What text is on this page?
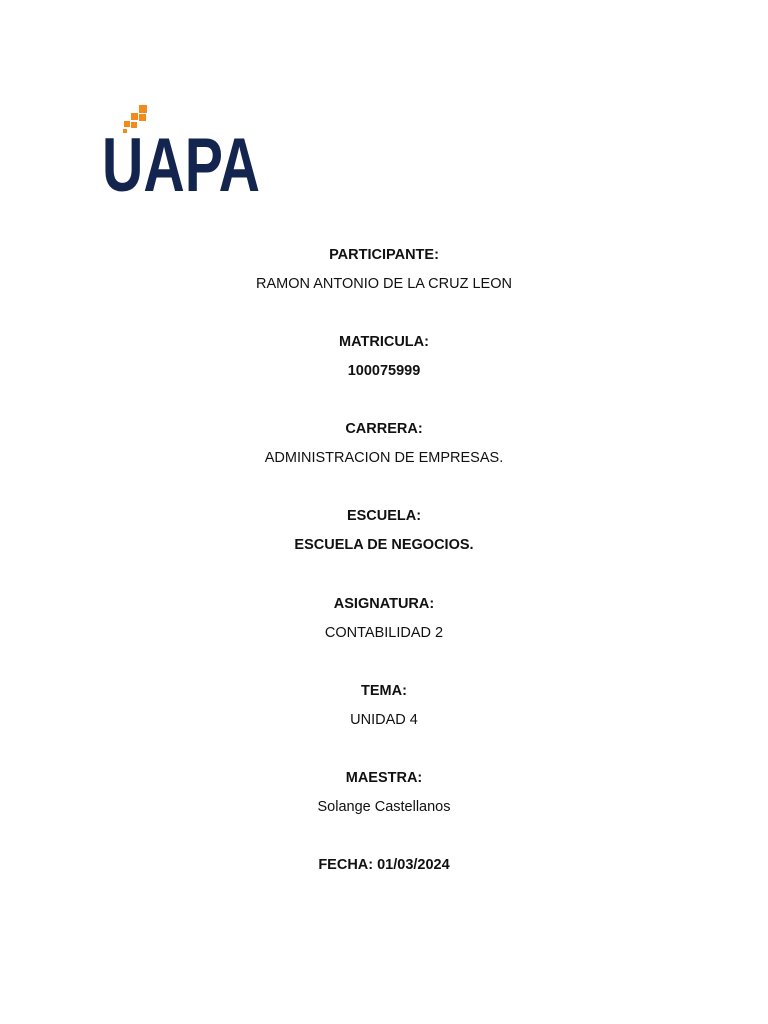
UAPA
PARTICIPANTE:
RAMON ANTONIO DE LA CRUZ LEON
MATRICULA:
100075999
CARRERA:
ADMINISTRACION DE EMPRESAS.
ESCUELA:
ESCUELA DE NEGOCIOS.
ASIGNATURA:
CONTABILIDAD 2
TEMA:
UNIDAD 4
MAESTRA:
Solange Castellanos
FECHA: 01/03/2024
